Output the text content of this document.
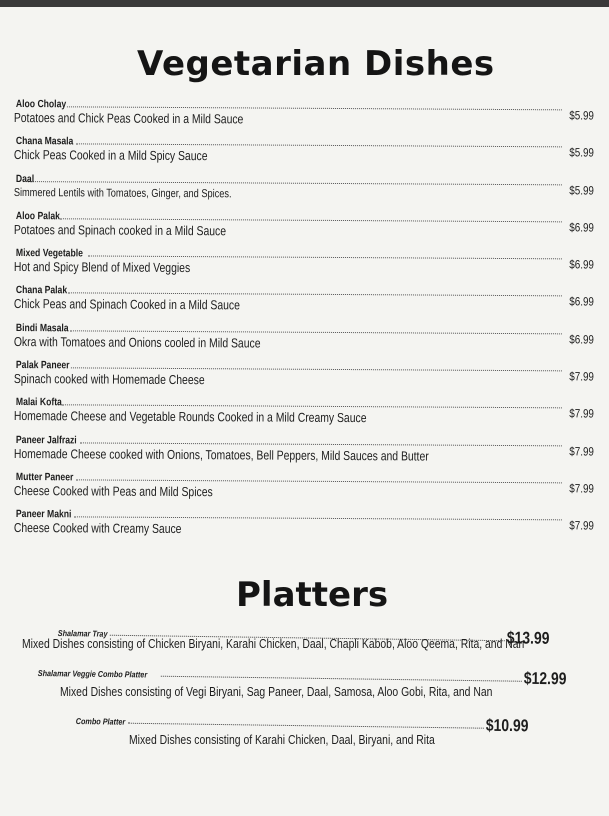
Vegetarian Dishes
Aloo Cholay
$5.99
Potatoes and Chick Peas Cooked in a Mild Sauce
Chana Masala
$5.99
Chick Peas Cooked in a Mild Spicy Sauce
Daal
$5.99
Simmered Lentils with Tomatoes, Ginger, and Spices.
Aloo Palak
$6.99
Potatoes and Spinach cooked in a Mild Sauce
Mixed Vegetable
$6.99
Hot and Spicy Blend of Mixed Veggies
Chana Palak
$6.99
Chick Peas and Spinach Cooked in a Mild Sauce
Bindi Masala
$6.99
Okra with Tomatoes and Onions cooled in Mild Sauce
Palak Paneer
$7.99
Spinach cooked with Homemade Cheese
Malai Kofta
$7.99
Homemade Cheese and Vegetable Rounds Cooked in a Mild Creamy Sauce
Paneer Jalfrazi
$7.99
Homemade Cheese cooked with Onions, Tomatoes, Bell Peppers, Mild Sauces and Butter
Mutter Paneer
$7.99
Cheese Cooked with Peas and Mild Spices
Paneer Makni
$7.99
Cheese Cooked with Creamy Sauce
Platters
Shalamar Tray	$13.99
Mixed Dishes consisting of Chicken Biryani, Karahi Chicken, Daal, Chapli Kabob, Aloo Qeema, Rita, and Nan
Shalamar Veggie Combo Platter	$12.99
Mixed Dishes consisting of Vegi Biryani, Sag Paneer, Daal, Samosa, Aloo Gobi, Rita, and Nan
Combo Platter	$10.99
Mixed Dishes consisting of Karahi Chicken, Daal, Biryani, and Rita
